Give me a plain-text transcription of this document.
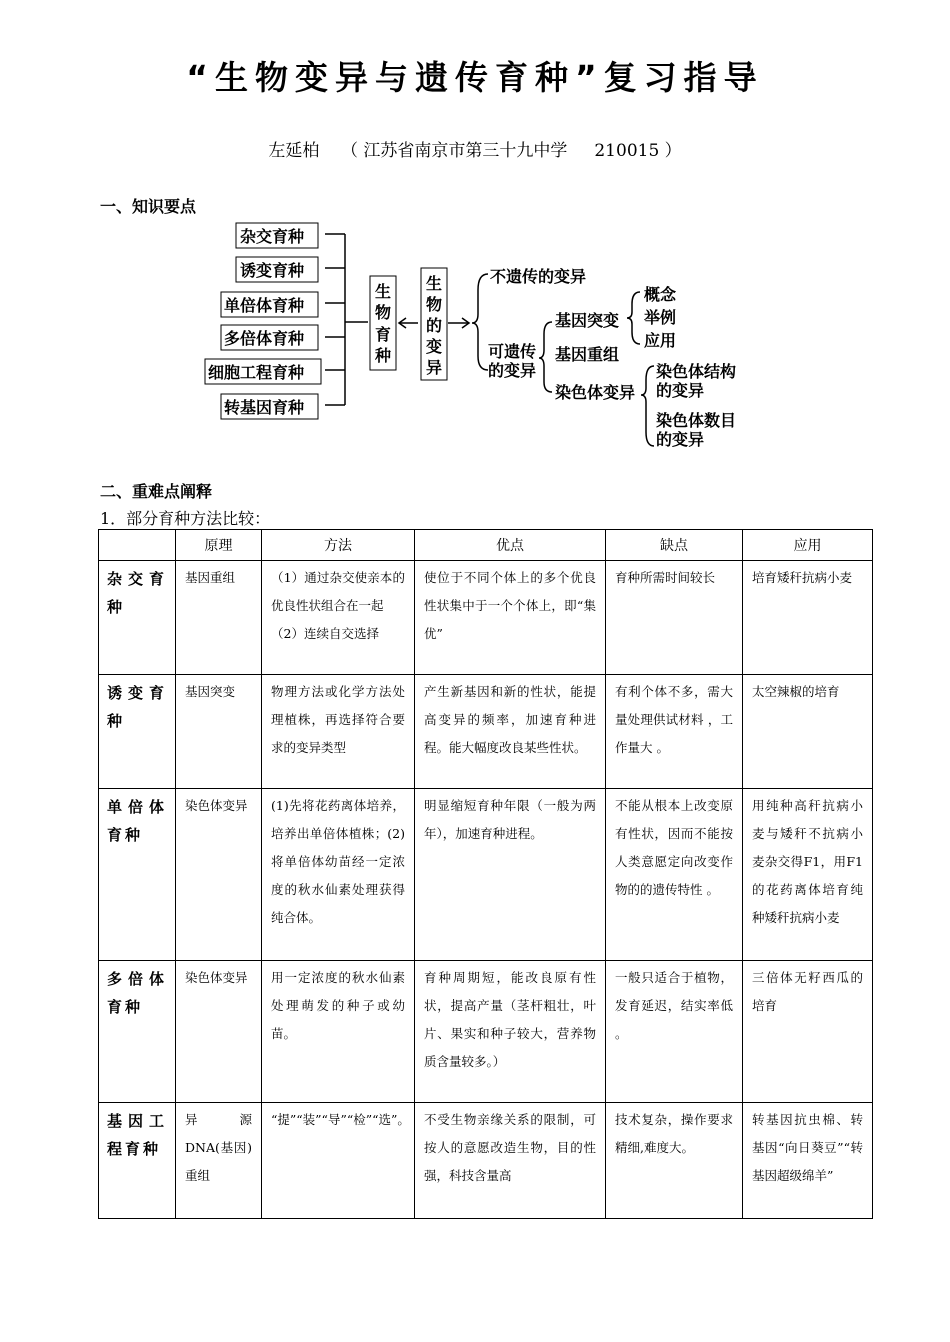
“生物变异与遗传育种”复习指导
左延柏    （ 江苏省南京市第三十九中学     210015 ）
一、知识要点
杂交育种
诱变育种
单倍体育种
多倍体育种
细胞工程育种
转基因育种
生
物
育
种
生
物
的
变
异
不遗传的变异
可遗传
的变异
基因突变
基因重组
染色体变异
概念
举例
应用
染色体结构
的变异
染色体数目
的变异
二、重难点阐释
1．部分育种方法比较：
	原理	方法	优点	缺点	应用
杂交育种	基因重组	（1）通过杂交使亲本的优良性状组合在一起
（2）连续自交选择	使位于不同个体上的多个优良性状集中于一个个体上，即“集优”	育种所需时间较长	培育矮秆抗病小麦
诱变育种	基因突变	物理方法或化学方法处理植株，再选择符合要求的变异类型	产生新基因和新的性状，能提高变异的频率，加速育种进程。能大幅度改良某些性状。	有利个体不多，需大量处理供试材料 ，工作量大 。	太空辣椒的培育
单倍体育种	染色体变异	(1)先将花药离体培养，培养出单倍体植株；(2)将单倍体幼苗经一定浓度的秋水仙素处理获得纯合体。	明显缩短育种年限（一般为两年），加速育种进程。	不能从根本上改变原有性状，因而不能按人类意愿定向改变作物的的遗传特性 。	用纯种高秆抗病小麦与矮秆不抗病小麦杂交得F1，用F1的花药离体培育纯种矮秆抗病小麦
多倍体育种	染色体变异	用一定浓度的秋水仙素处理萌发的种子或幼苗。	育种周期短，能改良原有性状，提高产量（茎杆粗壮，叶片、果实和种子较大，营养物质含量较多。）	一般只适合于植物，发育延迟，结实率低 。	三倍体无籽西瓜的培育
基因工程育种	异 源 DNA(基因)重组	“提”“装”“导”“检”“选”。	不受生物亲缘关系的限制，可按人的意愿改造生物，目的性强，科技含量高	技术复杂，操作要求精细,难度大。	转基因抗虫棉、转基因“向日葵豆”“转基因超级绵羊”
